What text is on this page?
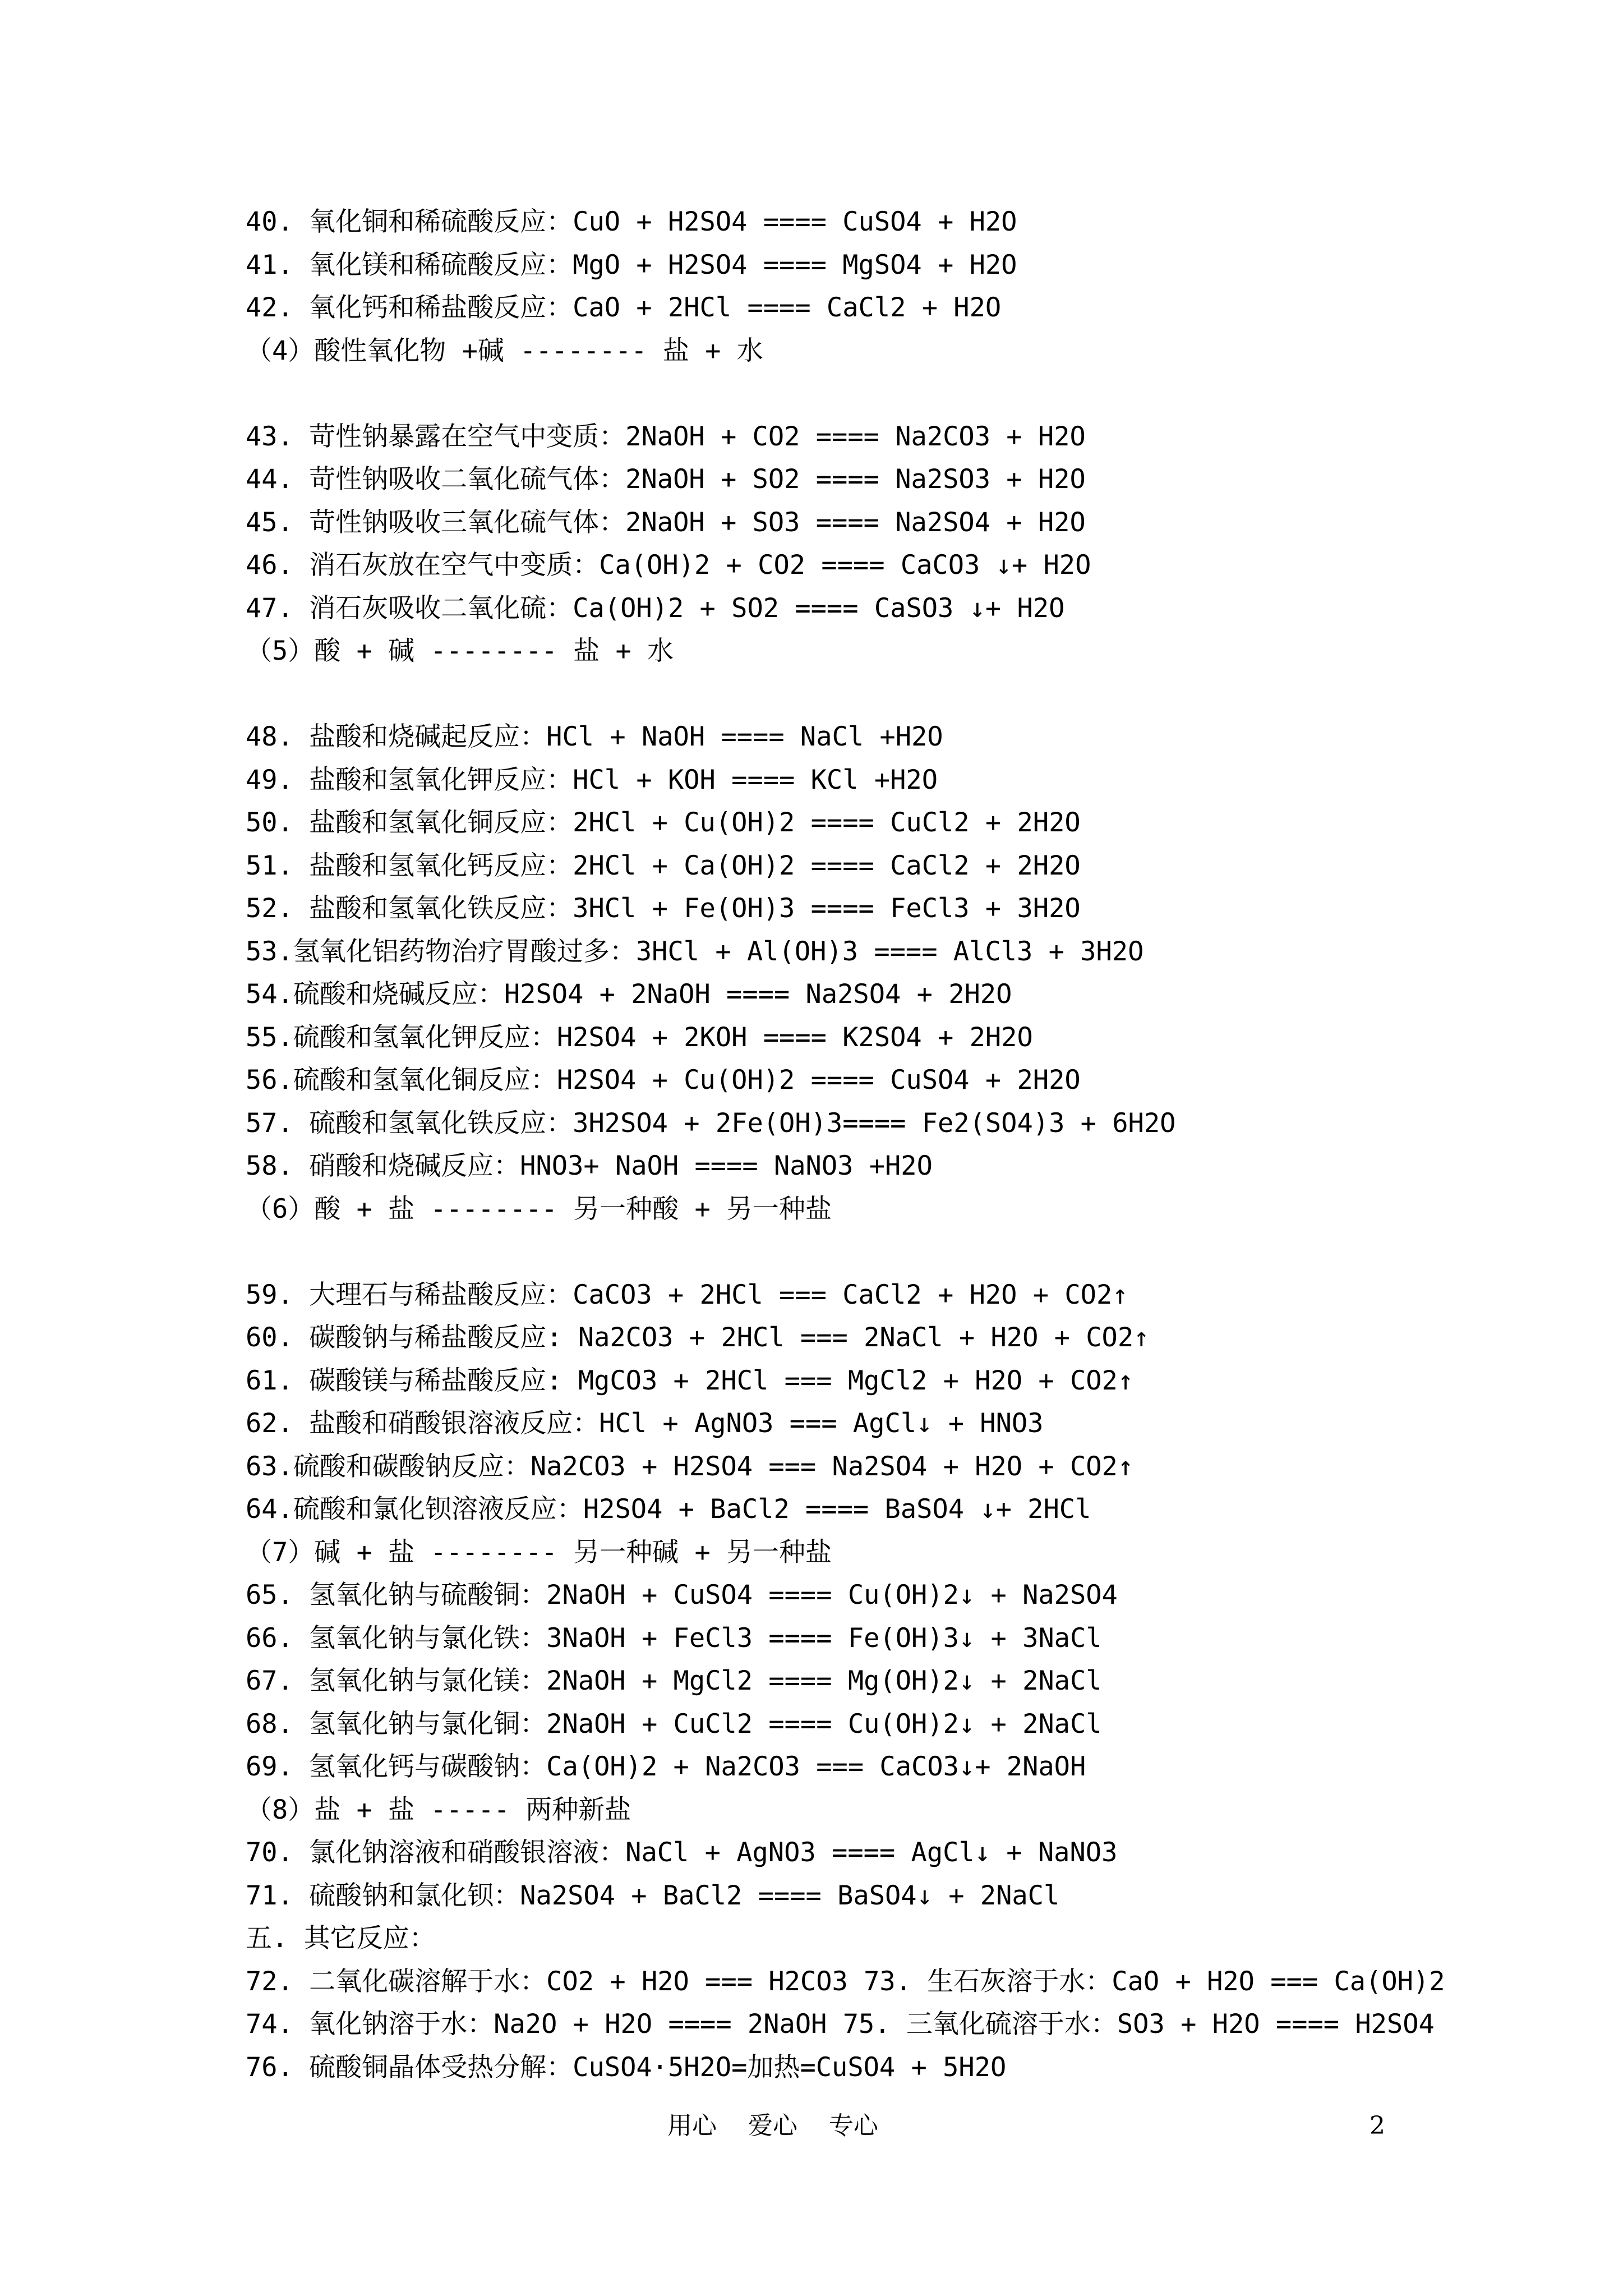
40. 氧化铜和稀硫酸反应：CuO + H2SO4 ==== CuSO4 + H2O
41. 氧化镁和稀硫酸反应：MgO + H2SO4 ==== MgSO4 + H2O
42. 氧化钙和稀盐酸反应：CaO + 2HCl ==== CaCl2 + H2O
（4）酸性氧化物 +碱 -------- 盐 + 水
43. 苛性钠暴露在空气中变质：2NaOH + CO2 ==== Na2CO3 + H2O
44. 苛性钠吸收二氧化硫气体：2NaOH + SO2 ==== Na2SO3 + H2O
45. 苛性钠吸收三氧化硫气体：2NaOH + SO3 ==== Na2SO4 + H2O
46. 消石灰放在空气中变质：Ca(OH)2 + CO2 ==== CaCO3 ↓+ H2O
47. 消石灰吸收二氧化硫：Ca(OH)2 + SO2 ==== CaSO3 ↓+ H2O
（5）酸 + 碱 -------- 盐 + 水
48. 盐酸和烧碱起反应：HCl + NaOH ==== NaCl +H2O
49. 盐酸和氢氧化钾反应：HCl + KOH ==== KCl +H2O
50. 盐酸和氢氧化铜反应：2HCl + Cu(OH)2 ==== CuCl2 + 2H2O
51. 盐酸和氢氧化钙反应：2HCl + Ca(OH)2 ==== CaCl2 + 2H2O
52. 盐酸和氢氧化铁反应：3HCl + Fe(OH)3 ==== FeCl3 + 3H2O
53.氢氧化铝药物治疗胃酸过多：3HCl + Al(OH)3 ==== AlCl3 + 3H2O
54.硫酸和烧碱反应：H2SO4 + 2NaOH ==== Na2SO4 + 2H2O
55.硫酸和氢氧化钾反应：H2SO4 + 2KOH ==== K2SO4 + 2H2O
56.硫酸和氢氧化铜反应：H2SO4 + Cu(OH)2 ==== CuSO4 + 2H2O
57. 硫酸和氢氧化铁反应：3H2SO4 + 2Fe(OH)3==== Fe2(SO4)3 + 6H2O
58. 硝酸和烧碱反应：HNO3+ NaOH ==== NaNO3 +H2O
（6）酸 + 盐 -------- 另一种酸 + 另一种盐
59. 大理石与稀盐酸反应：CaCO3 + 2HCl === CaCl2 + H2O + CO2↑
60. 碳酸钠与稀盐酸反应: Na2CO3 + 2HCl === 2NaCl + H2O + CO2↑
61. 碳酸镁与稀盐酸反应: MgCO3 + 2HCl === MgCl2 + H2O + CO2↑
62. 盐酸和硝酸银溶液反应：HCl + AgNO3 === AgCl↓ + HNO3
63.硫酸和碳酸钠反应：Na2CO3 + H2SO4 === Na2SO4 + H2O + CO2↑
64.硫酸和氯化钡溶液反应：H2SO4 + BaCl2 ==== BaSO4 ↓+ 2HCl
（7）碱 + 盐 -------- 另一种碱 + 另一种盐
65. 氢氧化钠与硫酸铜：2NaOH + CuSO4 ==== Cu(OH)2↓ + Na2SO4
66. 氢氧化钠与氯化铁：3NaOH + FeCl3 ==== Fe(OH)3↓ + 3NaCl
67. 氢氧化钠与氯化镁：2NaOH + MgCl2 ==== Mg(OH)2↓ + 2NaCl
68. 氢氧化钠与氯化铜：2NaOH + CuCl2 ==== Cu(OH)2↓ + 2NaCl
69. 氢氧化钙与碳酸钠：Ca(OH)2 + Na2CO3 === CaCO3↓+ 2NaOH
（8）盐 + 盐 ----- 两种新盐
70. 氯化钠溶液和硝酸银溶液：NaCl + AgNO3 ==== AgCl↓ + NaNO3
71. 硫酸钠和氯化钡：Na2SO4 + BaCl2 ==== BaSO4↓ + 2NaCl
五. 其它反应：
72. 二氧化碳溶解于水：CO2 + H2O === H2CO3 73. 生石灰溶于水：CaO + H2O === Ca(OH)2
74. 氧化钠溶于水：Na2O + H2O ==== 2NaOH 75. 三氧化硫溶于水：SO3 + H2O ==== H2SO4
76. 硫酸铜晶体受热分解：CuSO4·5H2O=加热=CuSO4 + 5H2O
用心    爱心    专心	2
